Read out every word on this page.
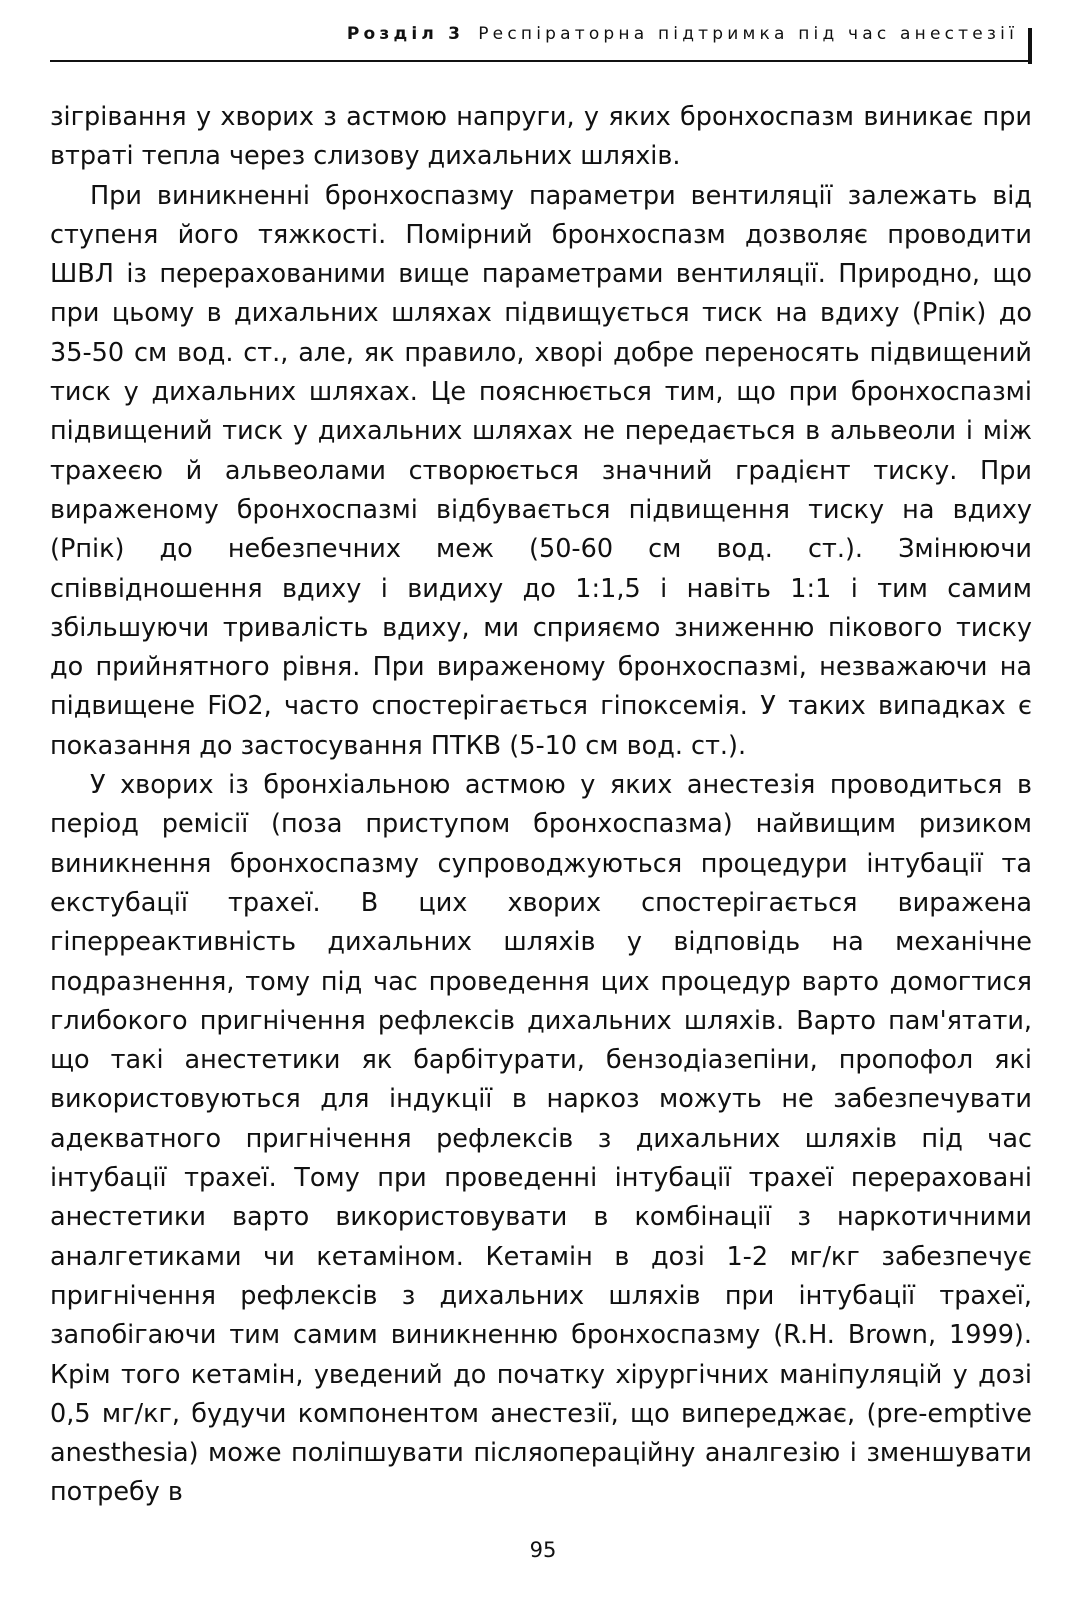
Розділ 3 Респіраторна підтримка під час анестезії

зігрівання у хворих з астмою напруги, у яких бронхоспазм виникає при втраті тепла через слизову дихальних шляхів.

При виникненні бронхоспазму параметри вентиляції залежать від ступеня його тяжкості. Помірний бронхоспазм дозволяє проводити ШВЛ із перерахованими вище параметрами вентиляції. Природно, що при цьому в дихальних шляхах підвищується тиск на вдиху (Pпік) до 35-50 см вод. ст., але, як правило, хворі добре переносять підвищений тиск у дихальних шляхах. Це пояснюється тим, що при бронхоспазмі підвищений тиск у дихальних шляхах не передається в альвеоли і між трахеєю й альвеолами створюється значний градієнт тиску. При вираженому бронхоспазмі відбувається підвищення тиску на вдиху (Pпік) до небезпечних меж (50-60 см вод. ст.). Змінюючи співвідношення вдиху і видиху до 1:1,5 і навіть 1:1 і тим самим збільшуючи тривалість вдиху, ми сприяємо зниженню пікового тиску до прийнятного рівня. При вираженому бронхоспазмі, незважаючи на підвищене FiO2, часто спостерігається гіпоксемія. У таких випадках є показання до застосування ПТКВ (5-10 см вод. ст.).

У хворих із бронхіальною астмою у яких анестезія проводиться в період ремісії (поза приступом бронхоспазма) найвищим ризиком виникнення бронхоспазму супроводжуються процедури інтубації та екстубації трахеї. В цих хворих спостерігається виражена гіперреактивність дихальних шляхів у відповідь на механічне подразнення, тому під час проведення цих процедур варто домогтися глибокого пригнічення рефлексів дихальних шляхів. Варто пам'ятати, що такі анестетики як барбітурати, бензодіазепіни, пропофол які використовуються для індукції в наркоз можуть не забезпечувати адекватного пригнічення рефлексів з дихальних шляхів під час інтубації трахеї. Тому при проведенні інтубації трахеї перераховані анестетики варто використовувати в комбінації з наркотичними аналгетиками чи кетаміном. Кетамін в дозі 1-2 мг/кг забезпечує пригнічення рефлексів з дихальних шляхів при інтубації трахеї, запобігаючи тим самим виникненню бронхоспазму (R.H. Brown, 1999). Крім того кетамін, уведений до початку хірургічних маніпуляцій у дозі 0,5 мг/кг, будучи компонентом анестезії, що випереджає, (pre-emptive anesthesia) може поліпшувати післяопераційну аналгезію і зменшувати потребу в

95
